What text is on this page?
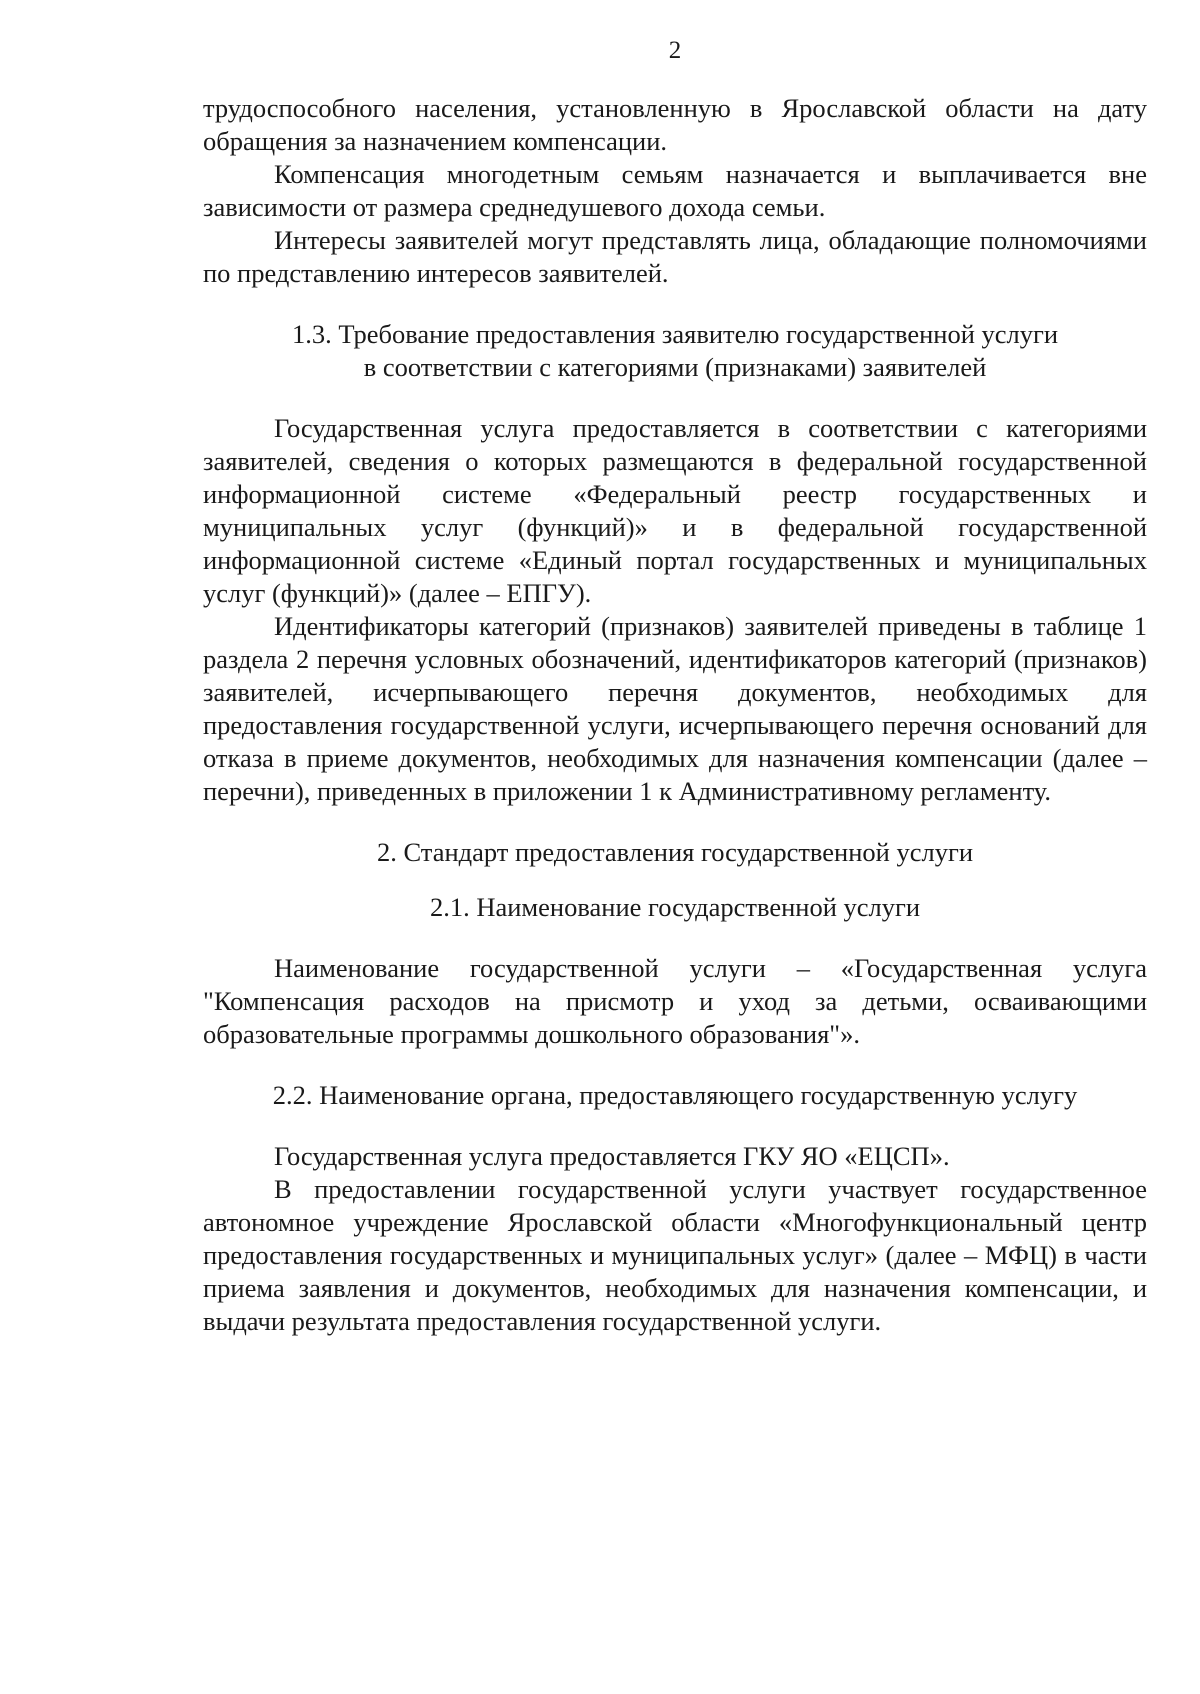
2

трудоспособного населения, установленную в Ярославской области на дату обращения за назначением компенсации.

Компенсация многодетным семьям назначается и выплачивается вне зависимости от размера среднедушевого дохода семьи.

Интересы заявителей могут представлять лица, обладающие полномочиями по представлению интересов заявителей.

1.3. Требование предоставления заявителю государственной услуги
в соответствии с категориями (признаками) заявителей

Государственная услуга предоставляется в соответствии с категориями заявителей, сведения о которых размещаются в федеральной государственной информационной системе «Федеральный реестр государственных и муниципальных услуг (функций)» и в федеральной государственной информационной системе «Единый портал государственных и муниципальных услуг (функций)» (далее – ЕПГУ).

Идентификаторы категорий (признаков) заявителей приведены в таблице 1 раздела 2 перечня условных обозначений, идентификаторов категорий (признаков) заявителей, исчерпывающего перечня документов, необходимых для предоставления государственной услуги, исчерпывающего перечня оснований для отказа в приеме документов, необходимых для назначения компенсации (далее – перечни), приведенных в приложении 1 к Административному регламенту.

2. Стандарт предоставления государственной услуги
2.1. Наименование государственной услуги

Наименование государственной услуги – «Государственная услуга "Компенсация расходов на присмотр и уход за детьми, осваивающими образовательные программы дошкольного образования"».

2.2. Наименование органа, предоставляющего государственную услугу

Государственная услуга предоставляется ГКУ ЯО «ЕЦСП».

В предоставлении государственной услуги участвует государственное автономное учреждение Ярославской области «Многофункциональный центр предоставления государственных и муниципальных услуг» (далее – МФЦ) в части приема заявления и документов, необходимых для назначения компенсации, и выдачи результата предоставления государственной услуги.
